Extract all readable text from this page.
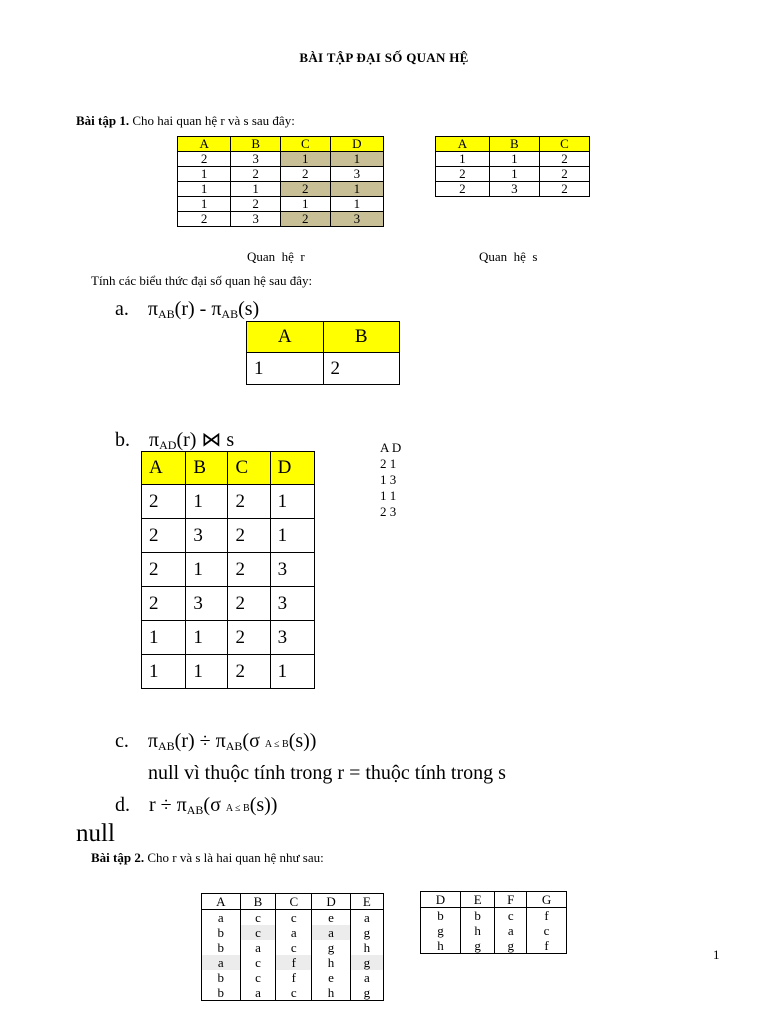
BÀI TẬP ĐẠI SỐ QUAN HỆ
Bài tập 1. Cho hai quan hệ r và s sau đây:
A	B	C	D
2	3	1	1
1	2	2	3
1	1	2	1
1	2	1	1
2	3	2	3
A	B	C
1	1	2
2	1	2
2	3	2
Quan  hệ  r	Quan  hệ  s
Tính các biểu thức đại số quan hệ sau đây:
a. $\pi_{AB}(r) - \pi_{AB}(s)$
A	B
1	2
b. $\pi_{AD}(r)$ ⋈ s
A	B	C	D
2	1	2	1
2	3	2	1
2	1	2	3
2	3	2	3
1	1	2	3
1	1	2	1
A D
2 1
1 3
1 1
2 3
c. $\pi_{AB}(r) \div \pi_{AB}(\sigma$ A ≤ B(s))
null vì thuộc tính trong r = thuộc tính trong s
d. $r \div \pi_{AB}(\sigma$ A ≤ B(s))
null
Bài tập 2. Cho r và s là hai quan hệ như sau:
A	B	C	D	E
a	c	c	e	a
b	c	a	a	g
b	a	c	g	h
a	c	f	h	g
b	c	f	e	a
b	a	c	h	g
D	E	F	G
b	b	c	f
g	h	a	c
h	g	g	f
1
